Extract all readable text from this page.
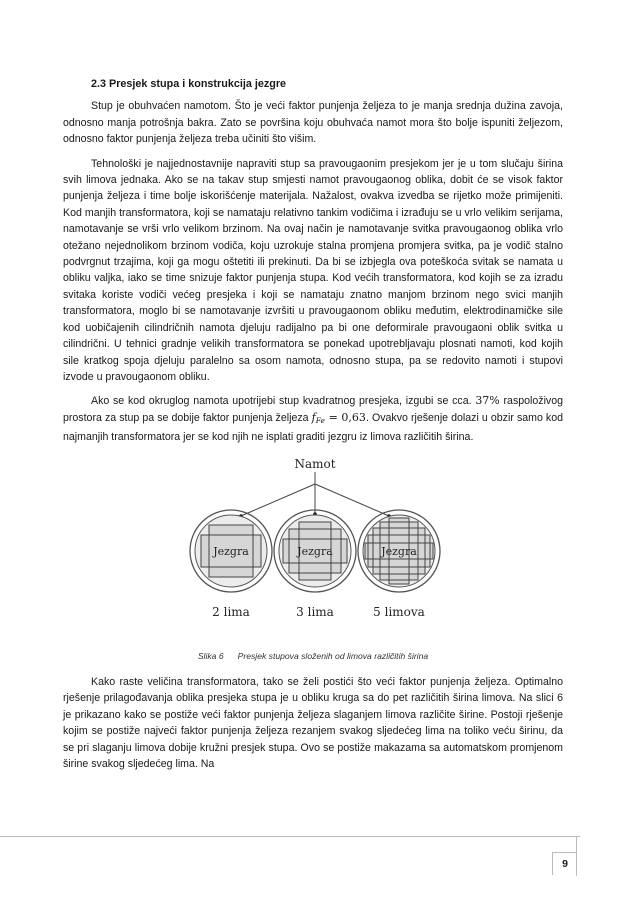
2.3 Presjek stupa i konstrukcija jezgre

Stup je obuhvaćen namotom. Što je veći faktor punjenja željeza to je manja srednja dužina zavoja, odnosno manja potrošnja bakra. Zato se površina koju obuhvaća namot mora što bolje ispuniti željezom, odnosno faktor punjenja željeza treba učiniti što višim.

Tehnološki je najjednostavnije napraviti stup sa pravougaonim presjekom jer je u tom slučaju širina svih limova jednaka. Ako se na takav stup smjesti namot pravougaonog oblika, dobit će se visok faktor punjenja željeza i time bolje iskorišćenje materijala. Nažalost, ovakva izvedba se rijetko može primijeniti. Kod manjih transformatora, koji se namataju relativno tankim vodičima i izrađuju se u vrlo velikim serijama, namotavanje se vrši vrlo velikom brzinom. Na ovaj način je namotavanje svitka pravougaonog oblika vrlo otežano nejednolikom brzinom vodiča, koju uzrokuje stalna promjena promjera svitka, pa je vodič stalno podvrgnut trzajima, koji ga mogu oštetiti ili prekinuti. Da bi se izbjegla ova poteškoća svitak se namata u obliku valjka, iako se time snizuje faktor punjenja stupa. Kod većih transformatora, kod kojih se za izradu svitaka koriste vodiči većeg presjeka i koji se namataju znatno manjom brzinom nego svici manjih transformatora, moglo bi se namotavanje izvršiti u pravougaonom obliku međutim, elektrodinamičke sile kod uobičajenih cilindričnih namota djeluju radijalno pa bi one deformirale pravougaoni oblik svitka u cilindrični. U tehnici gradnje velikih transformatora se ponekad upotrebljavaju plosnati namoti, kod kojih sile kratkog spoja djeluju paralelno sa osom namota, odnosno stupa, pa se redovito namoti i stupovi izvode u pravougaonom obliku.

Ako se kod okruglog namota upotrijebi stup kvadratnog presjeka, izgubi se cca. 37% raspoloživog prostora za stup pa se dobije faktor punjenja željeza fFe = 0,63. Ovakvo rješenje dolazi u obzir samo kod najmanjih transformatora jer se kod njih ne isplati graditi jezgru iz limova različitih širina.

Namot
Jezgra	Jezgra	Jezgra
2 lima	3 lima	5 limova
Slika 6 Presjek stupova složenih od limova različitih širina

Kako raste veličina transformatora, tako se želi postići što veći faktor punjenja željeza. Optimalno rješenje prilagođavanja oblika presjeka stupa je u obliku kruga sa do pet različitih širina limova. Na slici 6 je prikazano kako se postiže veći faktor punjenja željeza slaganjem limova različite širine. Postoji rješenje kojim se postiže najveći faktor punjenja željeza rezanjem svakog sljedećeg lima na toliko veću širinu, da se pri slaganju limova dobije kružni presjek stupa. Ovo se postiže makazama sa automatskom promjenom širine svakog sljedećeg lima. Na

9
